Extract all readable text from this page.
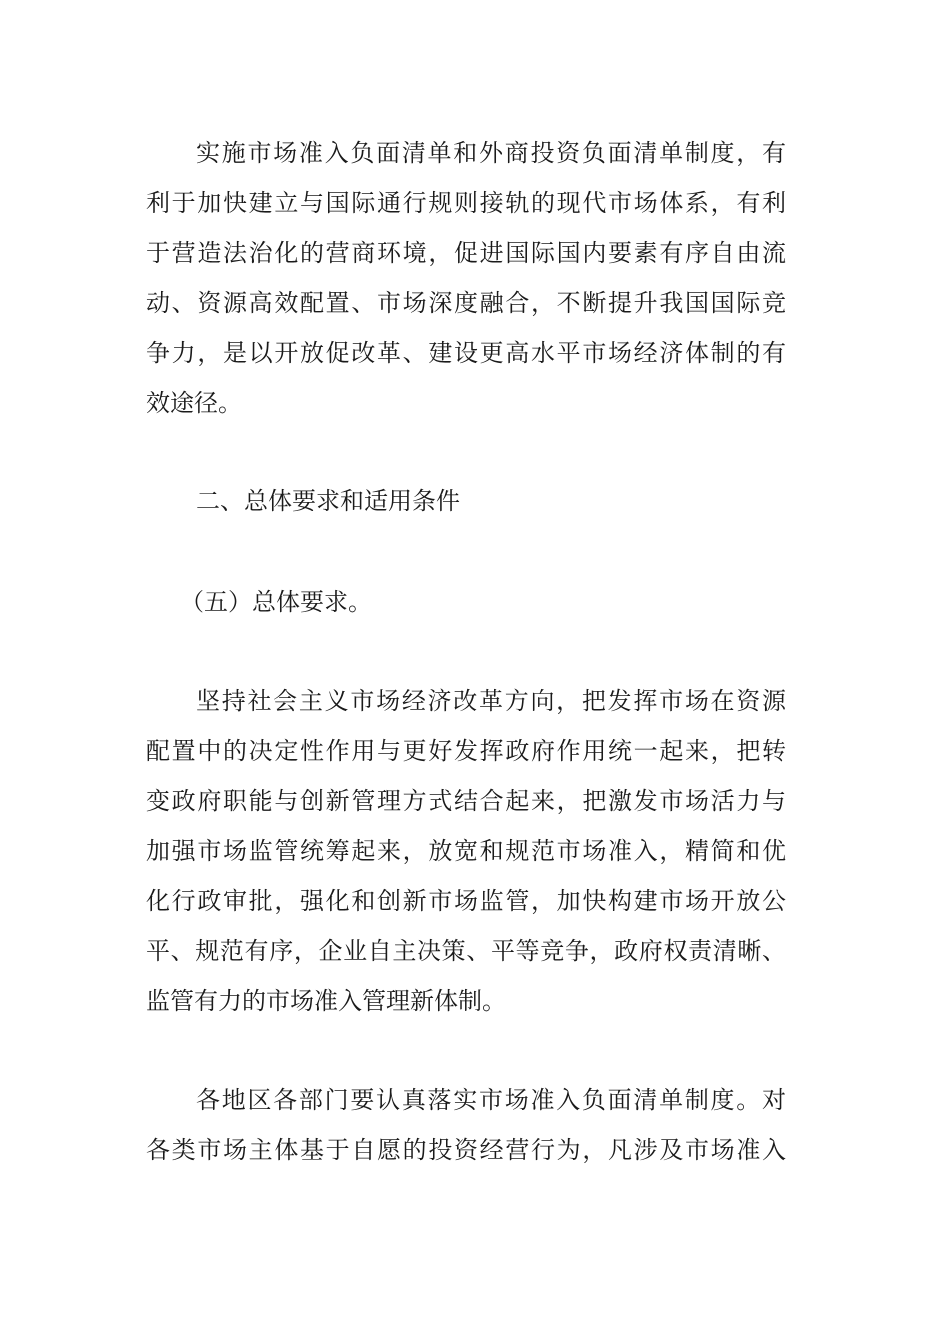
实施市场准入负面清单和外商投资负面清单制度，有
利于加快建立与国际通行规则接轨的现代市场体系，有利
于营造法治化的营商环境，促进国际国内要素有序自由流
动、资源高效配置、市场深度融合，不断提升我国国际竞
争力，是以开放促改革、建设更高水平市场经济体制的有
效途径。
二、总体要求和适用条件
（五）总体要求。
坚持社会主义市场经济改革方向，把发挥市场在资源
配置中的决定性作用与更好发挥政府作用统一起来，把转
变政府职能与创新管理方式结合起来，把激发市场活力与
加强市场监管统筹起来，放宽和规范市场准入，精简和优
化行政审批，强化和创新市场监管，加快构建市场开放公
平、规范有序，企业自主决策、平等竞争，政府权责清晰、
监管有力的市场准入管理新体制。
各地区各部门要认真落实市场准入负面清单制度。对
各类市场主体基于自愿的投资经营行为，凡涉及市场准入
